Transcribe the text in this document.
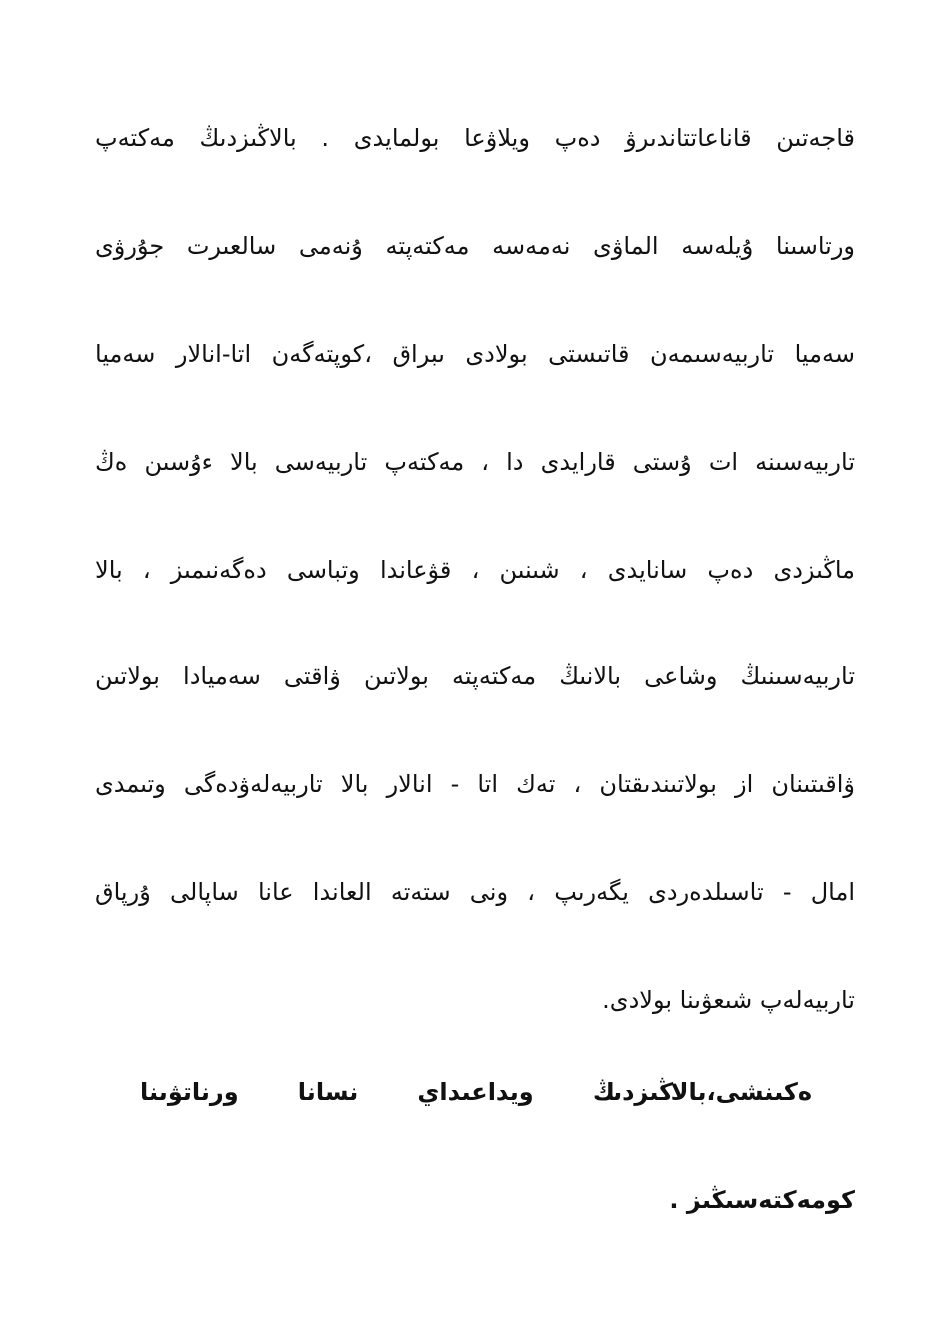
قاجەتىن قاناعاتتاندىرۋ دەپ ويلاۋعا بولمايدى . بالاڭىزدىڭ مەكتەپ
ورتاسىنا ۇيلەسە الماۋى نەمەسە مەكتەپتە ۇنەمى سالعىرت جۇرۋى
سەميا تاربيەسىمەن قاتىستى بولادى ىبراق ،كوپتەگەن اتا-انالار سەميا
تاربيەسىنە ات ۇستى قارايدى دا ، مەكتەپ تاربيەسى بالا ءوُسىن ەڭ
ماڭىزدى دەپ سانايدى ، شىنىن ، قۋعاندا وتباسى دەگەنىمىز ، بالا
تاربيەسىنىڭ وشاعى بالانىڭ مەكتەپتە بولاتىن ۋاقتى سەميادا بولاتىن
ۋاقىتىنان از بولاتىندىقتان ، تەك اتا - انالار بالا تاربيەلەۋدەگى وتىمدى
امال - تاسىلدەردى يگەرىپ ، ونى ستەتە العاندا عانا ساپالى ۇرپاق
تاربيەلەپ شىعۋىنا بولادى.
ەكىنشى،بالاڭىزدىڭ ويداعىداي نسانا ورناتۋىنا
كومەكتەسىڭىز .
